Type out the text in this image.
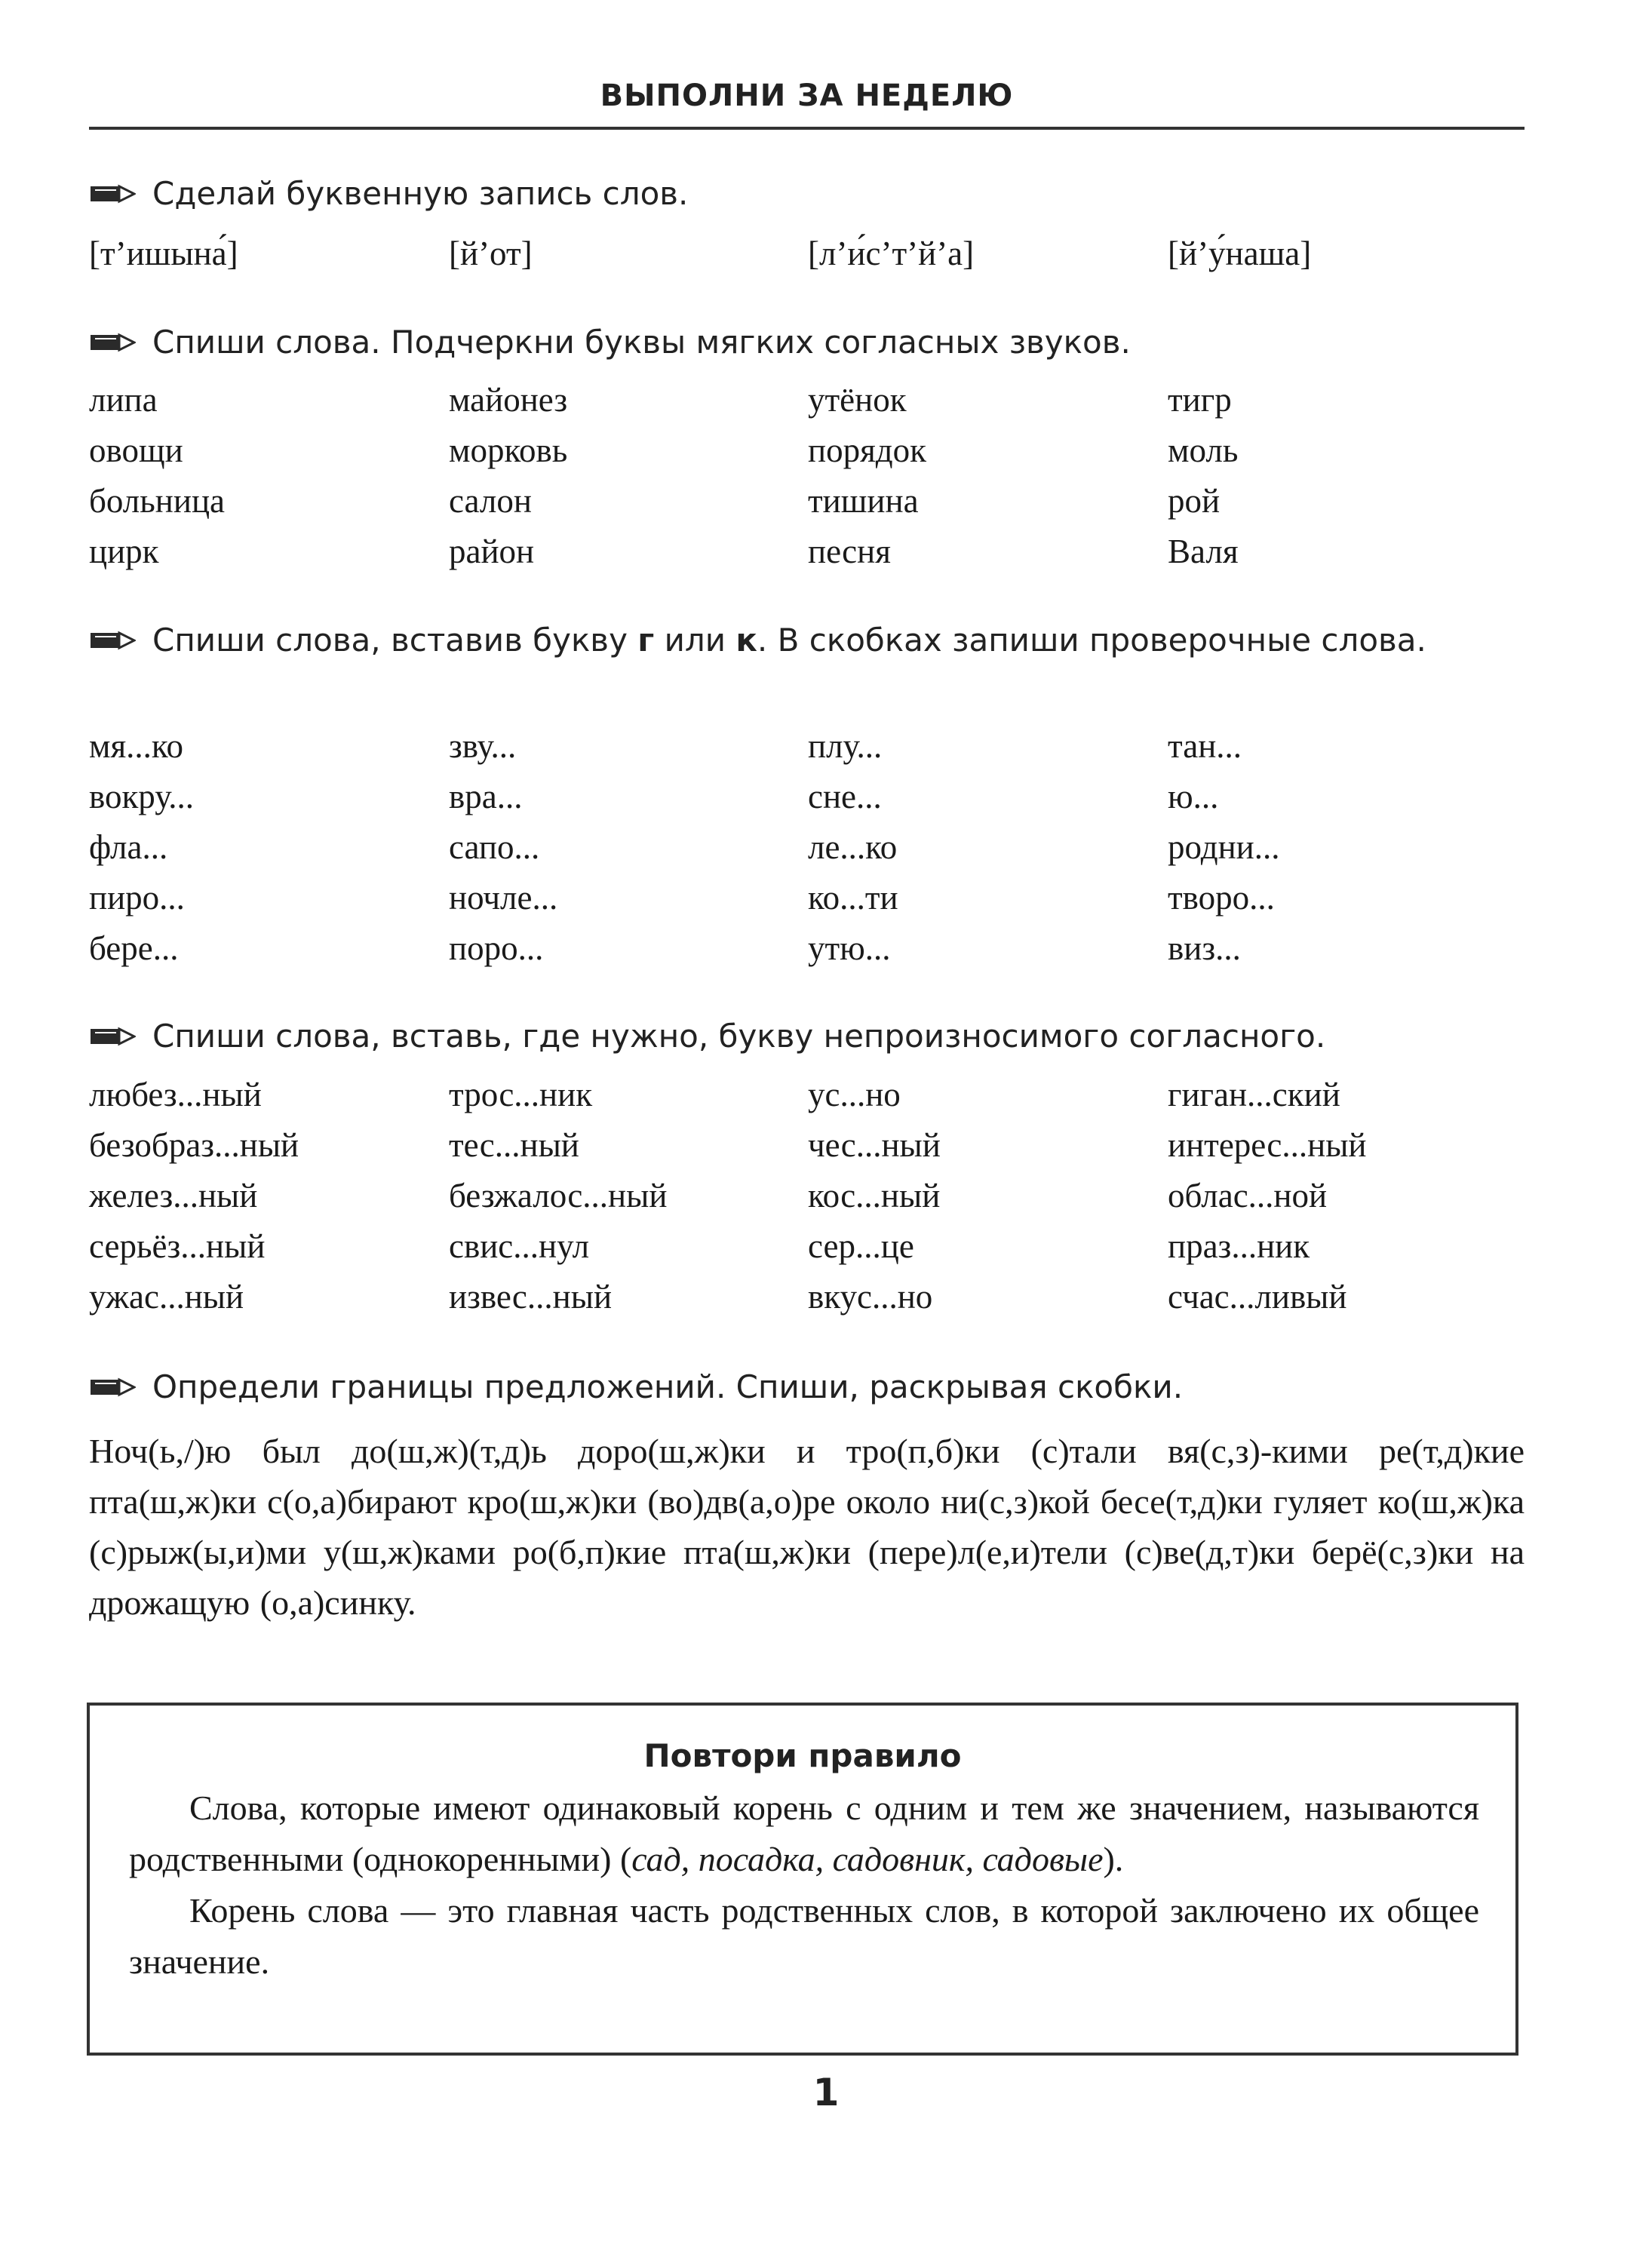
ВЫПОЛНИ ЗА НЕДЕЛЮ
Сделай буквенную запись слов.
[т’ишына́]	[й’от]	[л’и́с’т’й’а]	[й’у́наша]
Спиши слова. Подчеркни буквы мягких согласных звуков.
липа	майонез	утёнок	тигр
овощи	морковь	порядок	моль
больница	салон	тишина	рой
цирк	район	песня	Валя
Спиши слова, вставив букву г или к. В скобках запиши проверочные слова.
мя...ко	зву...	плу...	тан...
вокру...	вра...	сне...	ю...
фла...	сапо...	ле...ко	родни...
пиро...	ночле...	ко...ти	творо...
бере...	поро...	утю...	виз...
Спиши слова, вставь, где нужно, букву непроизносимого согласного.
любез...ный	трос...ник	ус...но	гиган...ский
безобраз...ный	тес...ный	чес...ный	интерес...ный
желез...ный	безжалос...ный	кос...ный	облас...ной
серьёз...ный	свис...нул	сер...це	праз...ник
ужас...ный	извес...ный	вкус...но	счас...ливый
Определи границы предложений. Спиши, раскрывая скобки.
Ноч(ь,/)ю был до(ш,ж)(т,д)ь доро(ш,ж)ки и тро(п,б)ки (с)тали вя(с,з)-кими ре(т,д)кие пта(ш,ж)ки с(о,а)бирают кро(ш,ж)ки (во)дв(а,о)ре около ни(с,з)кой бесе(т,д)ки гуляет ко(ш,ж)ка (с)рыж(ы,и)ми у(ш,ж)ками ро(б,п)кие пта(ш,ж)ки (пере)л(е,и)тели (с)ве(д,т)ки берё(с,з)ки на дрожащую (о,а)синку.
Повтори правило

Слова, которые имеют одинаковый корень с одним и тем же значением, называются родственными (однокоренными) (сад, посадка, садовник, садовые).

Корень слова — это главная часть родственных слов, в которой заключено их общее значение.

1
